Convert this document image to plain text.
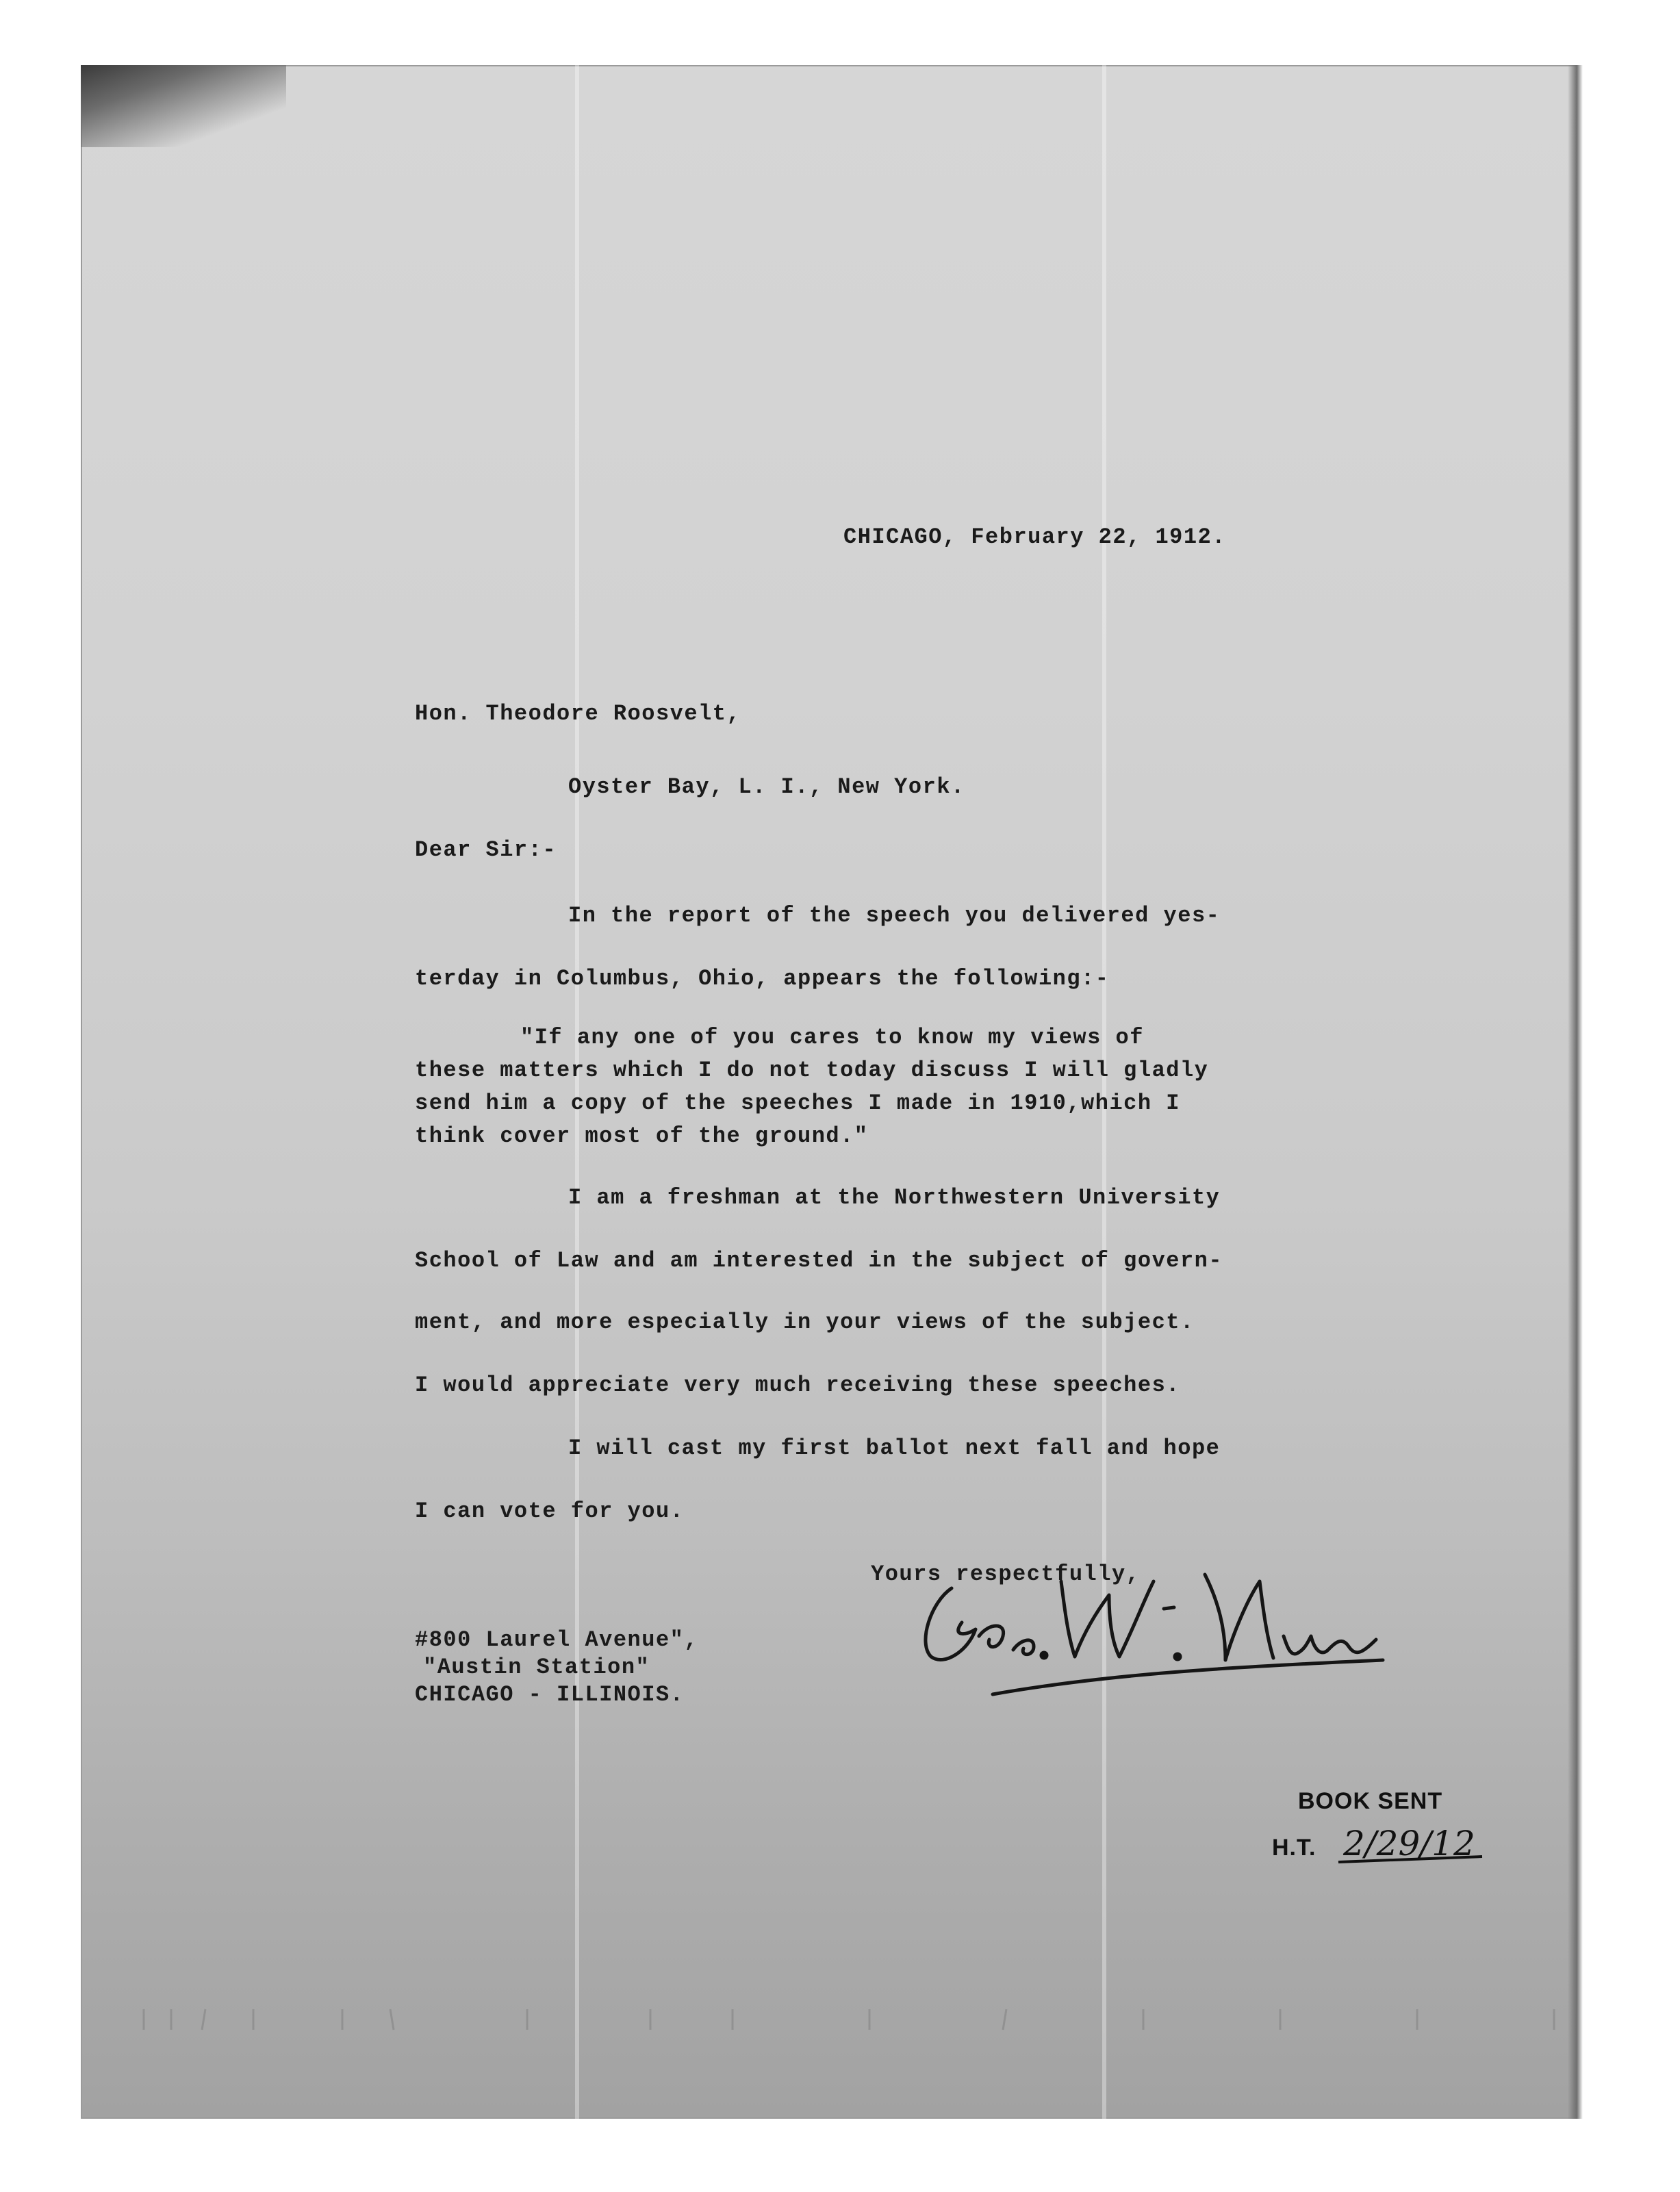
CHICAGO, February 22, 1912.
Hon. Theodore Roosvelt,
Oyster Bay, L. I., New York.
Dear Sir:-
In the report of the speech you delivered yes-
terday in Columbus, Ohio, appears the following:-
"If any one of you cares to know my views of
these matters which I do not today discuss I will gladly
send him a copy of the speeches I made in 1910,which I
think cover most of the ground."
I am a freshman at the Northwestern University
School of Law and am interested in the subject of govern-
ment, and more especially in your views of the subject.
I would appreciate very much receiving these speeches.
I will cast my first ballot next fall and hope
I can vote for you.
Yours respectfully,
#800 Laurel Avenue",
"Austin Station"
CHICAGO - ILLINOIS.
BOOK SENT
H.T. 2/29/12
